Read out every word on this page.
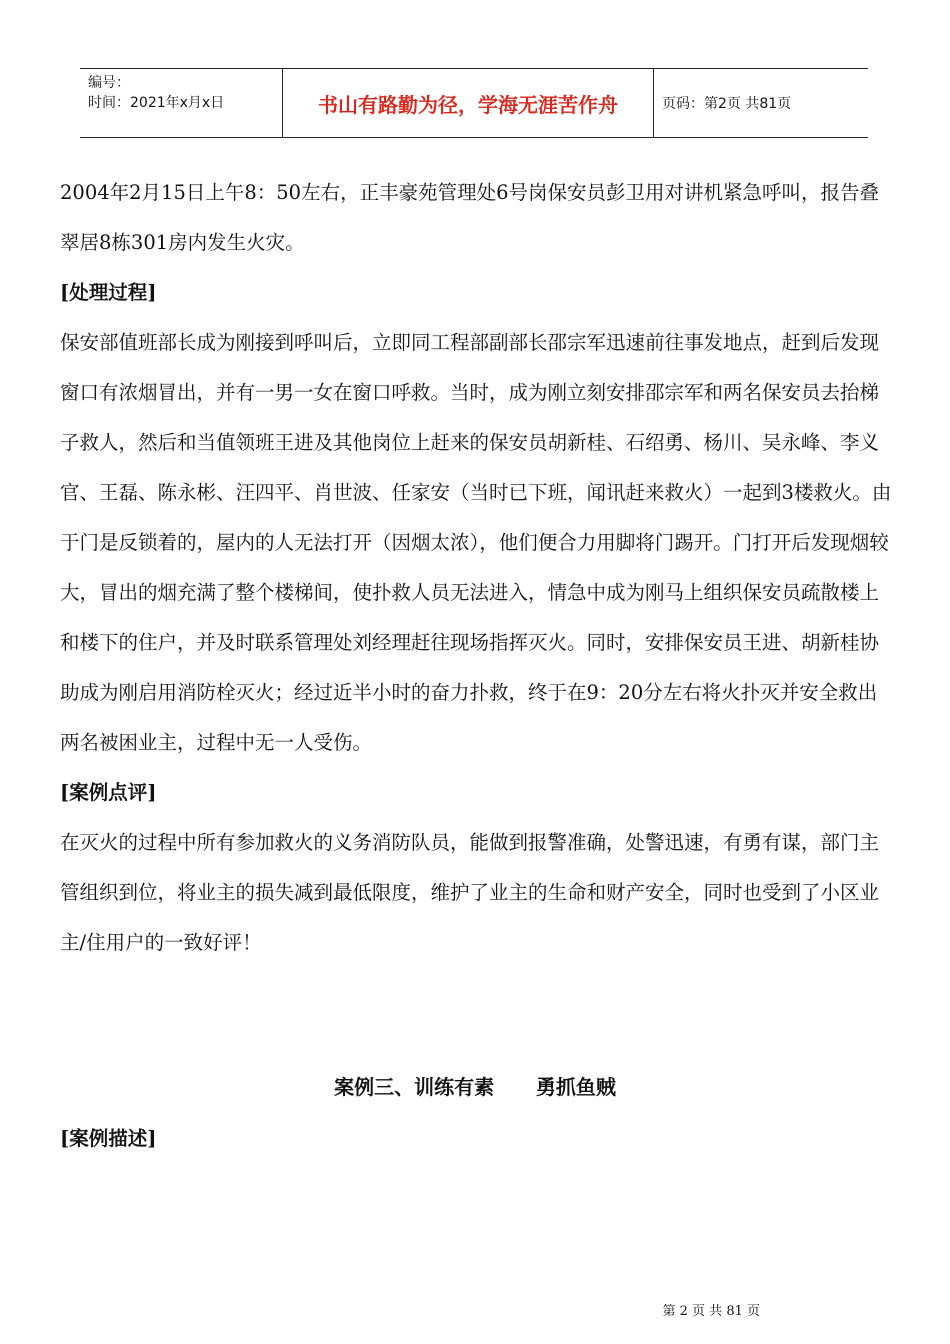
编号：
时间：2021年x月x日	书山有路勤为径，学海无涯苦作舟	页码：第2页 共81页

2004年2月15日上午8：50左右，正丰豪苑管理处6号岗保安员彭卫用对讲机紧急呼叫，报告叠翠居8栋301房内发生火灾。

[处理过程]

保安部值班部长成为刚接到呼叫后，立即同工程部副部长邵宗军迅速前往事发地点，赶到后发现窗口有浓烟冒出，并有一男一女在窗口呼救。当时，成为刚立刻安排邵宗军和两名保安员去抬梯子救人，然后和当值领班王进及其他岗位上赶来的保安员胡新桂、石绍勇、杨川、吴永峰、李义官、王磊、陈永彬、汪四平、肖世波、任家安（当时已下班，闻讯赶来救火）一起到3楼救火。由于门是反锁着的，屋内的人无法打开（因烟太浓），他们便合力用脚将门踢开。门打开后发现烟较大，冒出的烟充满了整个楼梯间，使扑救人员无法进入，情急中成为刚马上组织保安员疏散楼上和楼下的住户，并及时联系管理处刘经理赶往现场指挥灭火。同时，安排保安员王进、胡新桂协助成为刚启用消防栓灭火；经过近半小时的奋力扑救，终于在9：20分左右将火扑灭并安全救出两名被困业主，过程中无一人受伤。

[案例点评]

在灭火的过程中所有参加救火的义务消防队员，能做到报警准确，处警迅速，有勇有谋，部门主管组织到位，将业主的损失减到最低限度，维护了业主的生命和财产安全，同时也受到了小区业主/住用户的一致好评！

案例三、训练有素      勇抓鱼贼
[案例描述]
第 2 页 共 81 页
